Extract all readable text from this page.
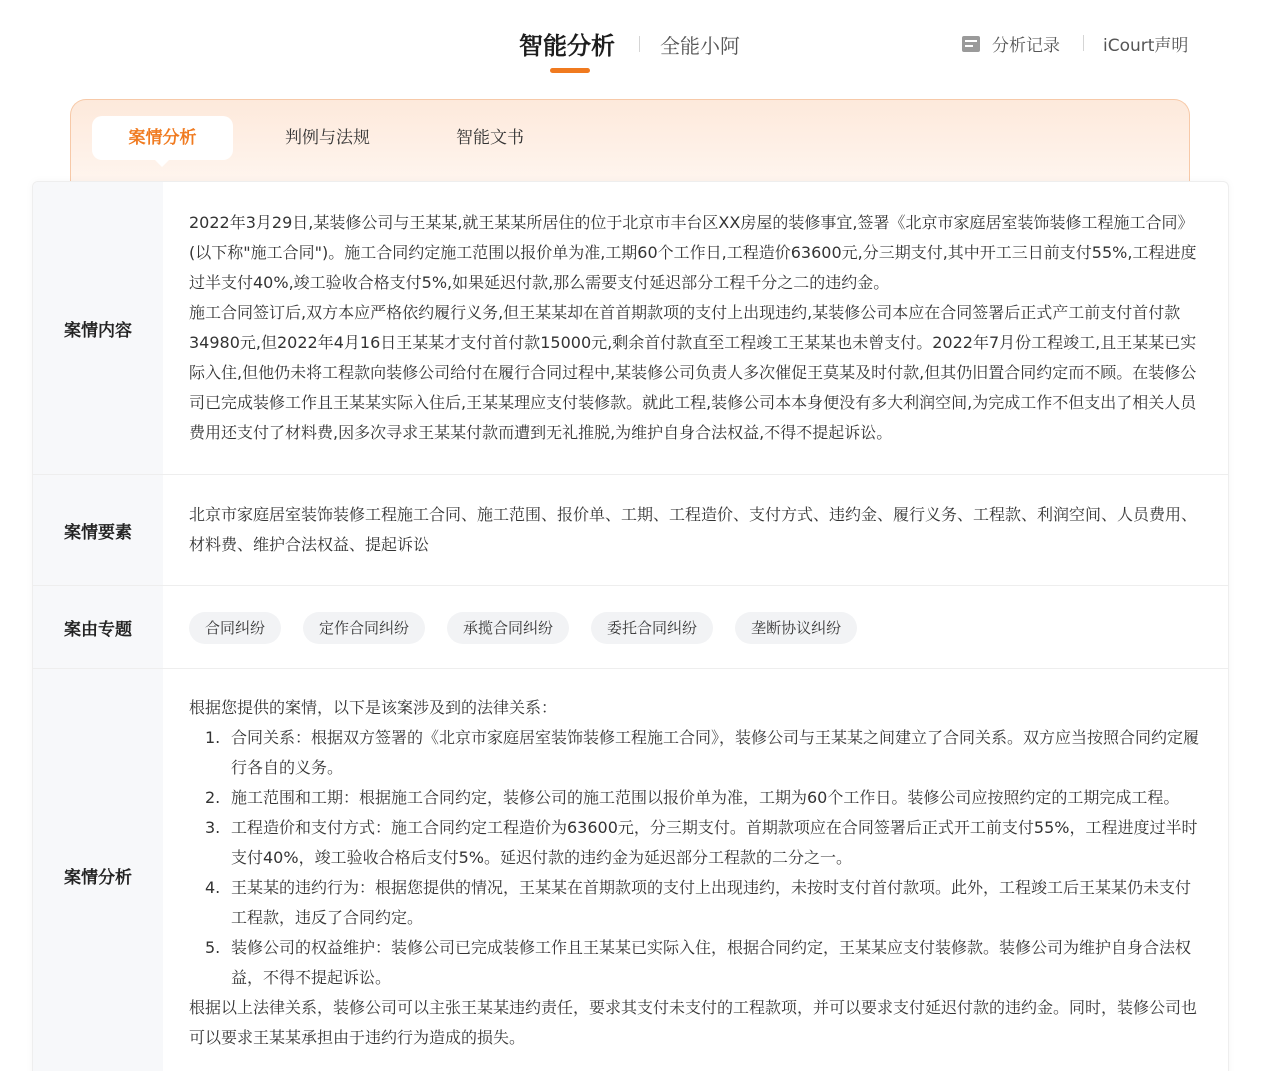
智能分析 全能小阿	分析记录	iCourt声明
案情分析	判例与法规	智能文书
案情内容

2022年3月29日,某装修公司与王某某,就王某某所居住的位于北京市丰台区XX房屋的装修事宜,签署《北京市家庭居室装饰装修工程施工合同》(以下称"施工合同")。施工合同约定施工范围以报价单为准,工期60个工作日,工程造价63600元,分三期支付,其中开工三日前支付55%,工程进度过半支付40%,竣工验收合格支付5%,如果延迟付款,那么需要支付延迟部分工程千分之二的违约金。

施工合同签订后,双方本应严格依约履行义务,但王某某却在首首期款项的支付上出现违约,某装修公司本应在合同签署后正式产工前支付首付款34980元,但2022年4月16日王某某才支付首付款15000元,剩余首付款直至工程竣工王某某也未曾支付。2022年7月份工程竣工,且王某某已实际入住,但他仍未将工程款向装修公司给付在履行合同过程中,某装修公司负责人多次催促王莫某及时付款,但其仍旧置合同约定而不顾。在装修公司已完成装修工作且王某某实际入住后,王某某理应支付装修款。就此工程,装修公司本本身便没有多大利润空间,为完成工作不但支出了相关人员费用还支付了材料费,因多次寻求王某某付款而遭到无礼推脱,为维护自身合法权益,不得不提起诉讼。

案情要素
北京市家庭居室装饰装修工程施工合同、施工范围、报价单、工期、工程造价、支付方式、违约金、履行义务、工程款、利润空间、人员费用、材料费、维护合法权益、提起诉讼
案由专题	合同纠纷	定作合同纠纷	承揽合同纠纷	委托合同纠纷	垄断协议纠纷
案情分析

根据您提供的案情，以下是该案涉及到的法律关系：

1. 合同关系：根据双方签署的《北京市家庭居室装饰装修工程施工合同》，装修公司与王某某之间建立了合同关系。双方应当按照合同约定履行各自的义务。
2. 施工范围和工期：根据施工合同约定，装修公司的施工范围以报价单为准，工期为60个工作日。装修公司应按照约定的工期完成工程。
3. 工程造价和支付方式：施工合同约定工程造价为63600元，分三期支付。首期款项应在合同签署后正式开工前支付55%，工程进度过半时支付40%，竣工验收合格后支付5%。延迟付款的违约金为延迟部分工程款的二分之一。
4. 王某某的违约行为：根据您提供的情况，王某某在首期款项的支付上出现违约，未按时支付首付款项。此外，工程竣工后王某某仍未支付工程款，违反了合同约定。
5. 装修公司的权益维护：装修公司已完成装修工作且王某某已实际入住，根据合同约定，王某某应支付装修款。装修公司为维护自身合法权益，不得不提起诉讼。

根据以上法律关系，装修公司可以主张王某某违约责任，要求其支付未支付的工程款项，并可以要求支付延迟付款的违约金。同时，装修公司也可以要求王某某承担由于违约行为造成的损失。
